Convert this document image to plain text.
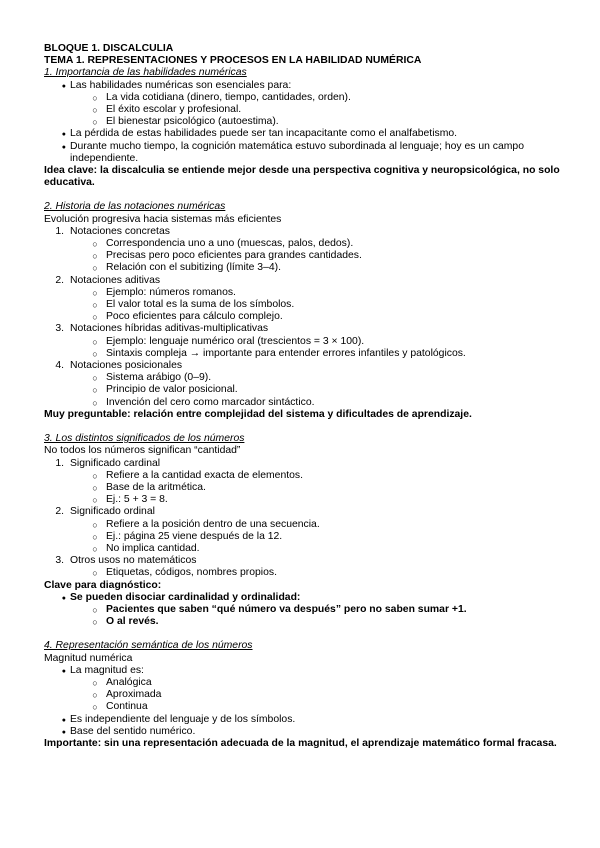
BLOQUE 1. DISCALCULIA
TEMA 1. REPRESENTACIONES Y PROCESOS EN LA HABILIDAD NUMÉRICA
1. Importancia de las habilidades numéricas
●
Las habilidades numéricas son esenciales para:
○
La vida cotidiana (dinero, tiempo, cantidades, orden).
○
El éxito escolar y profesional.
○
El bienestar psicológico (autoestima).
●
La pérdida de estas habilidades puede ser tan incapacitante como el analfabetismo.
●
Durante mucho tiempo, la cognición matemática estuvo subordinada al lenguaje; hoy es un campo independiente.
Idea clave: la discalculia se entiende mejor desde una perspectiva cognitiva y neuropsicológica, no solo educativa.
2. Historia de las notaciones numéricas
Evolución progresiva hacia sistemas más eficientes
1. Notaciones concretas
○
Correspondencia uno a uno (muescas, palos, dedos).
○
Precisas pero poco eficientes para grandes cantidades.
○
Relación con el subitizing (límite 3–4).
2. Notaciones aditivas
○
Ejemplo: números romanos.
○
El valor total es la suma de los símbolos.
○
Poco eficientes para cálculo complejo.
3. Notaciones híbridas aditivas-multiplicativas
○
Ejemplo: lenguaje numérico oral (trescientos = 3 × 100).
○
Sintaxis compleja → importante para entender errores infantiles y patológicos.
4. Notaciones posicionales
○
Sistema arábigo (0–9).
○
Principio de valor posicional.
○
Invención del cero como marcador sintáctico.
Muy preguntable: relación entre complejidad del sistema y dificultades de aprendizaje.
3. Los distintos significados de los números
No todos los números significan “cantidad”
1. Significado cardinal
○
Refiere a la cantidad exacta de elementos.
○
Base de la aritmética.
○
Ej.: 5 + 3 = 8.
2. Significado ordinal
○
Refiere a la posición dentro de una secuencia.
○
Ej.: página 25 viene después de la 12.
○
No implica cantidad.
3. Otros usos no matemáticos
○
Etiquetas, códigos, nombres propios.
Clave para diagnóstico:
●
Se pueden disociar cardinalidad y ordinalidad:
○
Pacientes que saben “qué número va después” pero no saben sumar +1.
○
O al revés.
4. Representación semántica de los números
Magnitud numérica
●
La magnitud es:
○
Analógica
○
Aproximada
○
Continua
●
Es independiente del lenguaje y de los símbolos.
●
Base del sentido numérico.
Importante: sin una representación adecuada de la magnitud, el aprendizaje matemático formal fracasa.
